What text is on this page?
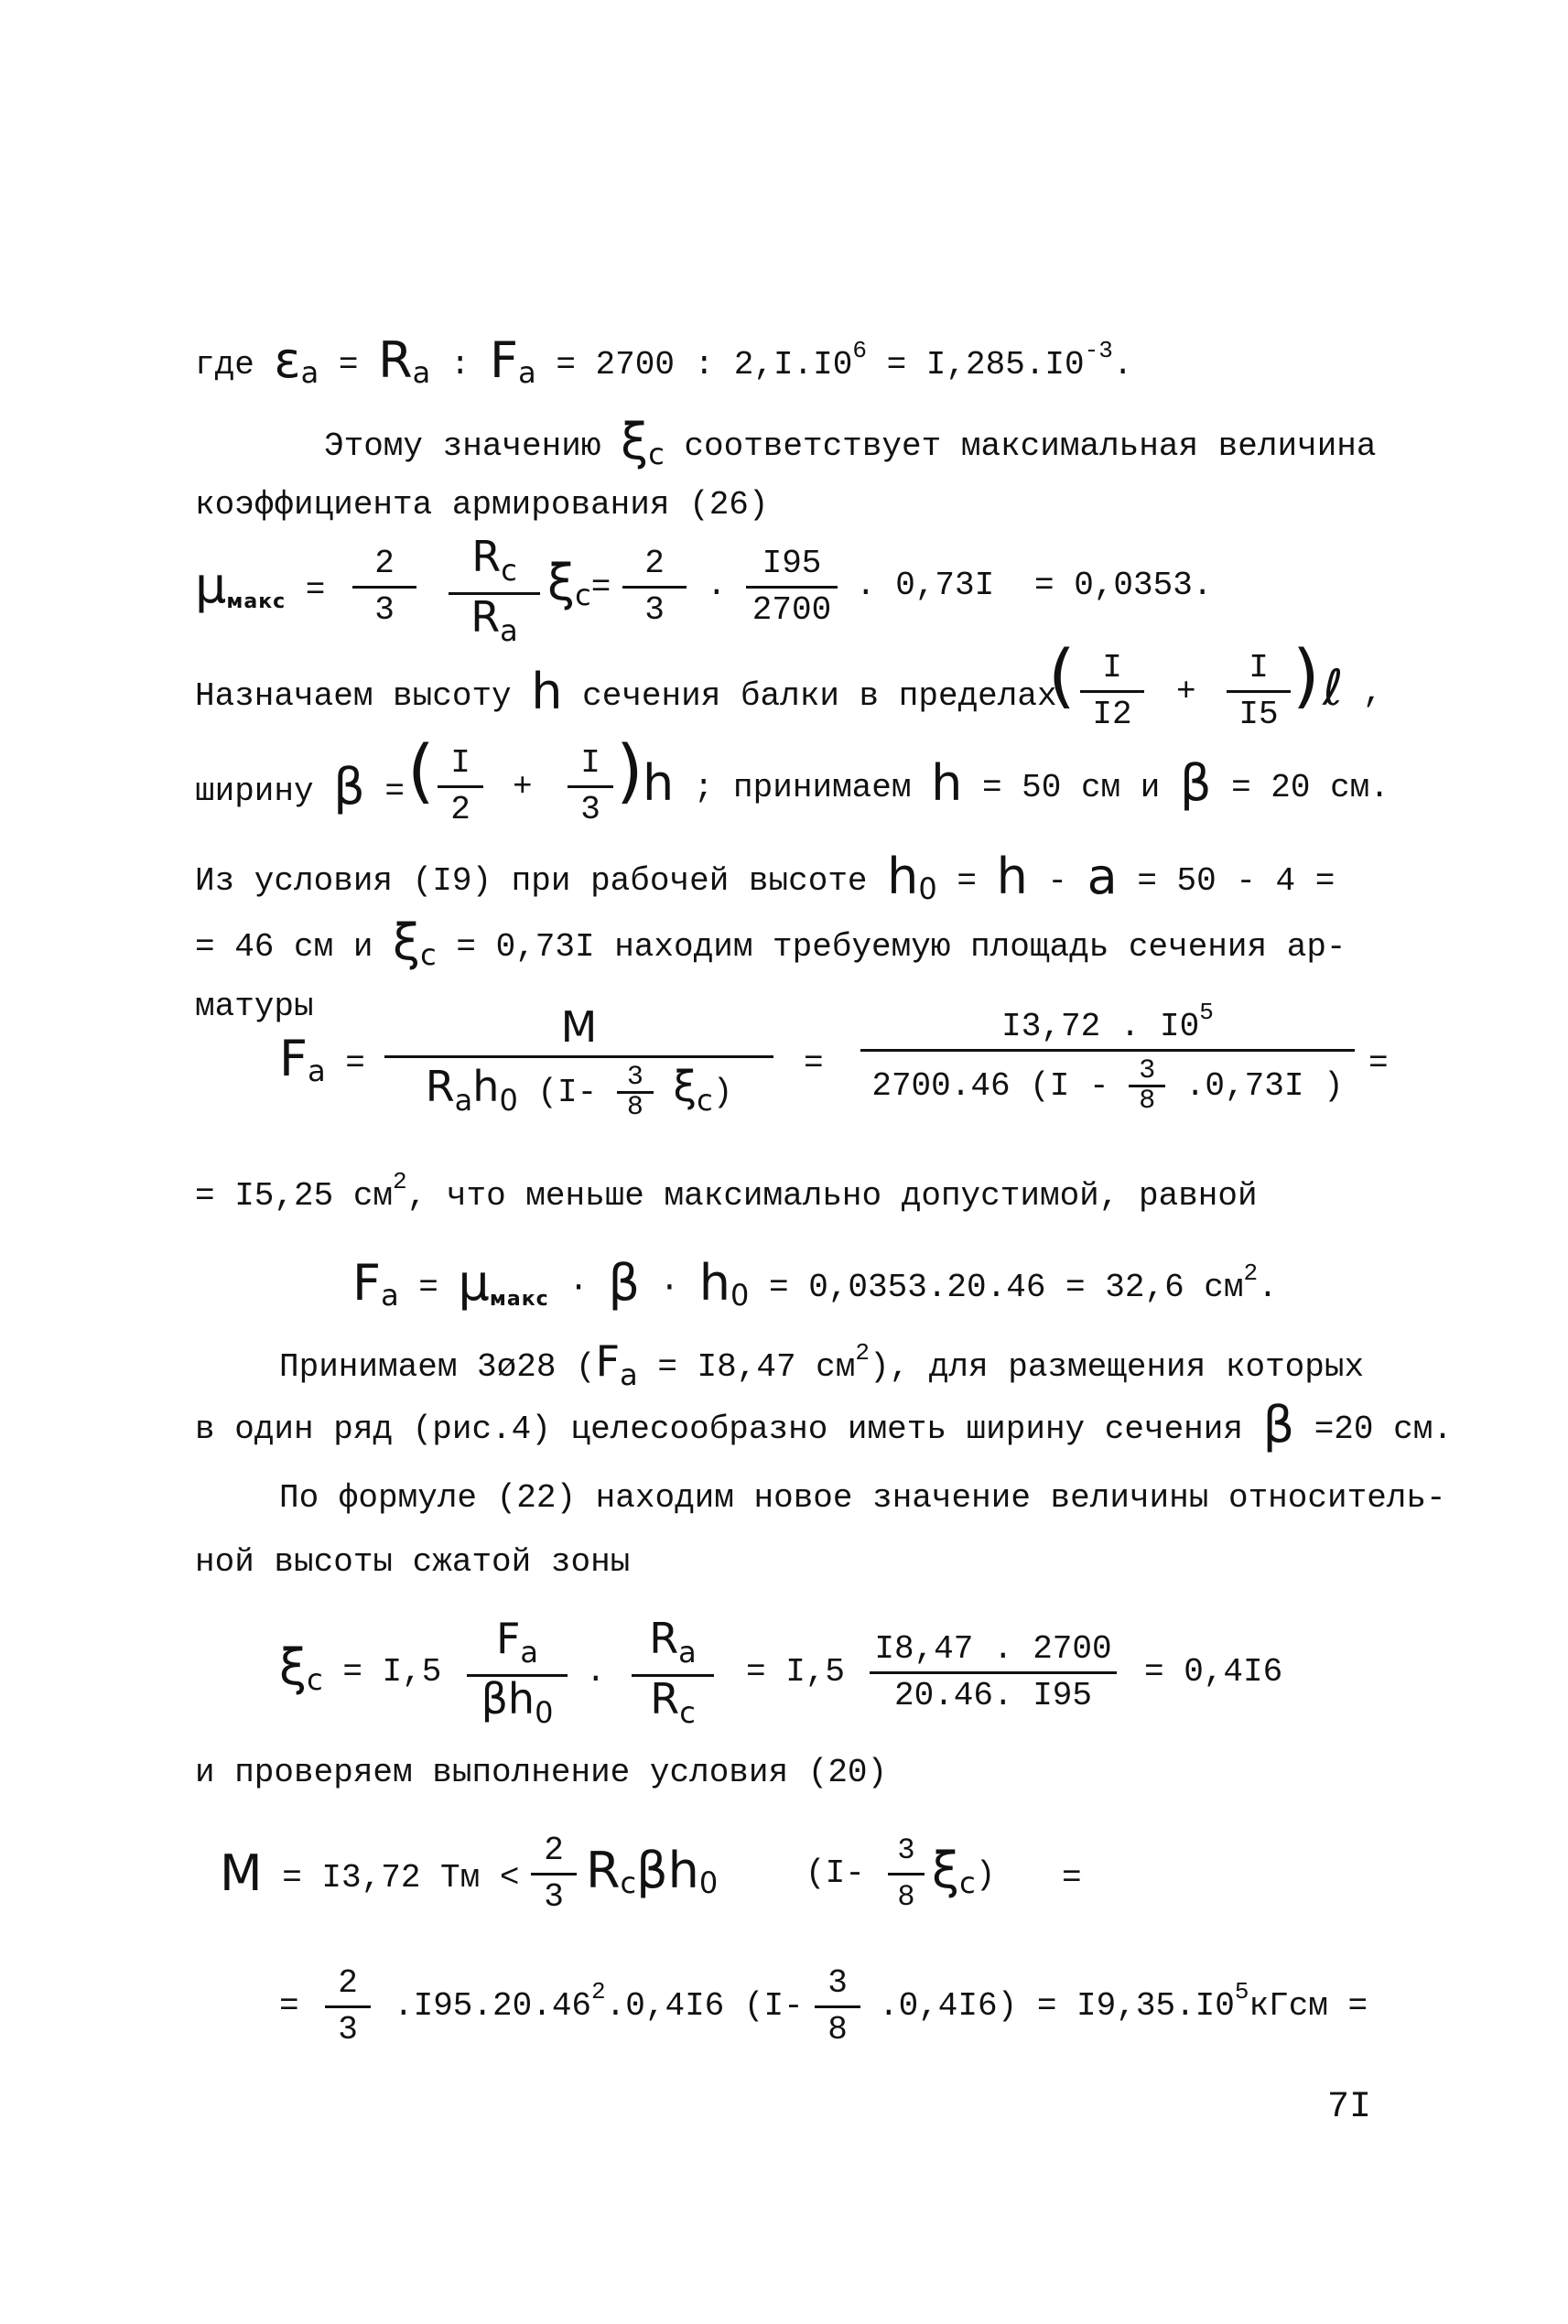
где εa = Ra : Fa = 2700 : $2,I.I0^6 = I,285.I0^{-3}$.
Этому значению ξc соответствует максимальная величина
коэффициента армирования (26)
$\mu_{макс}$ =
2
3
$R_c$
$R_a$
ξc=
2
3
.
I95
2700
. 0,73I = 0,0353.
Назначаем высоту h сечения балки в пределах
( I
I2
+
I
I5 ) ℓ ,
ширину β = ( I
2
+
I
3 ) h ; принимаем h = 50 см и β = 20 см.
Из условия (I9) при рабочей высоте h0 = h - a = 50 - 4 =
= 46 см и ξc = 0,73I находим требуемую площадь сечения ар-
матуры
Fa =
M
Rah0 $(I- \frac{3}{8} \xi c)$
=
I3,72 . $I0^5$
2700.46 ($I - \frac{3}{8} .0,73I$ )
=
= I5,25 $см^2$, что меньше максимально допустимой, равной
$Fa = \mu_{макс} \cdot \beta \cdot h0 = 0,0353.20.46 = 32,6$ $см^2$.
Принимаем 3ø28 (Fa = I8,47 $см^2$), для размещения которых
в один ряд (рис.4) целесообразно иметь ширину сечения β =20 см.
По формуле (22) находим новое значение величины относитель-
ной высоты сжатой зоны
ξc = I,5
$F_a$
$\beta h_0$
.
$R_a$
$R_c$
= I,5
I8,47 . 2700
20.46. I95
= 0,4I6
и проверяем выполнение условия (20)
M = I3,72 Тм <
2
3 Rcβh0	(I-
3
8 ξc) =
=
2
3
.I95.20.46$^2$.0,4I6 (I-
3
8
$.0,4I6) = I9,35.I0^5кГсм$ =
7I
